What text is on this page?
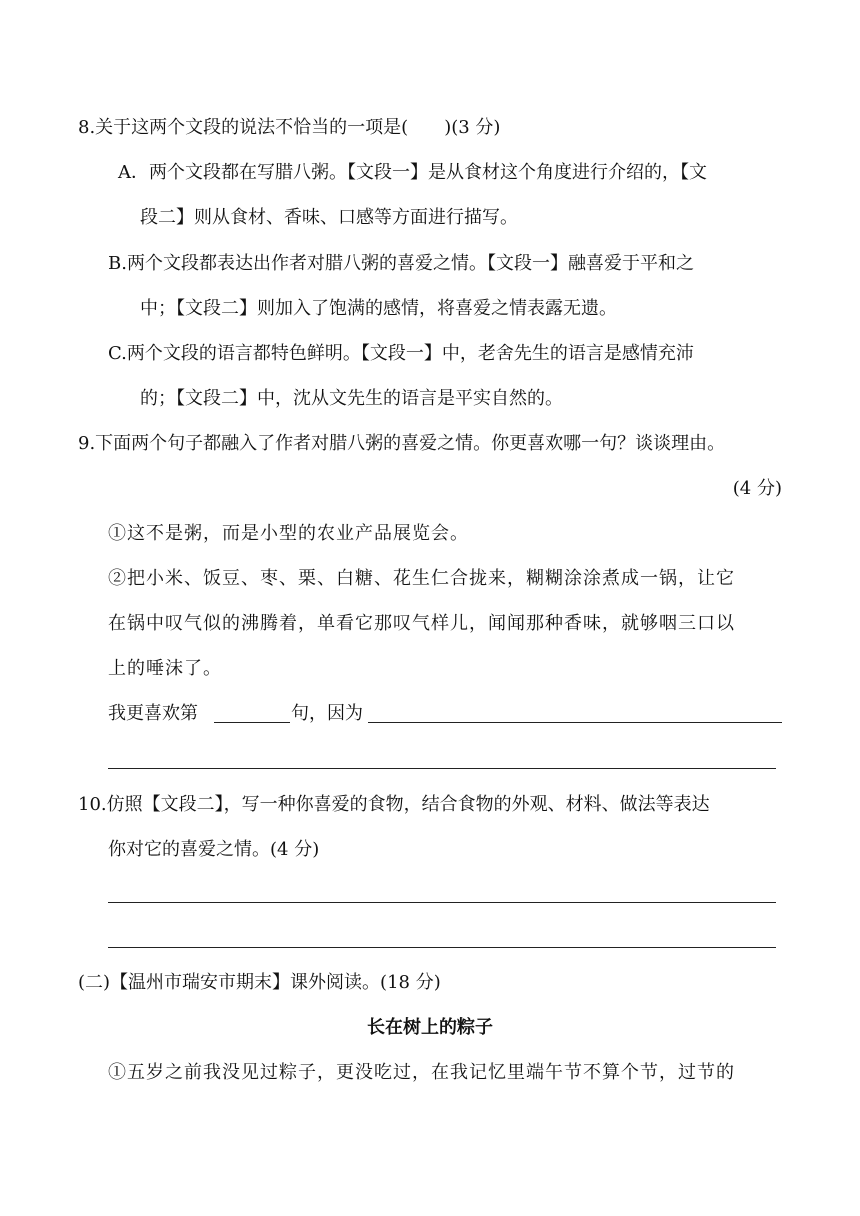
8.关于这两个文段的说法不恰当的一项是(　　)(3 分)
A．两个文段都在写腊八粥。【文段一】是从食材这个角度进行介绍的，【文
段二】则从食材、香味、口感等方面进行描写。
B.两个文段都表达出作者对腊八粥的喜爱之情。【文段一】融喜爱于平和之
中；【文段二】则加入了饱满的感情，将喜爱之情表露无遗。
C.两个文段的语言都特色鲜明。【文段一】中，老舍先生的语言是感情充沛
的；【文段二】中，沈从文先生的语言是平实自然的。
9.下面两个句子都融入了作者对腊八粥的喜爱之情。你更喜欢哪一句？谈谈理由。
(4 分)
①这不是粥，而是小型的农业产品展览会。
②把小米、饭豆、枣、栗、白糖、花生仁合拢来，糊糊涂涂煮成一锅，让它
在锅中叹气似的沸腾着，单看它那叹气样儿，闻闻那种香味，就够咽三口以
上的唾沫了。
我更喜欢第	句，因为
10.仿照【文段二】，写一种你喜爱的食物，结合食物的外观、材料、做法等表达
你对它的喜爱之情。(4 分)
(二)【温州市瑞安市期末】课外阅读。(18 分)
长在树上的粽子
①五岁之前我没见过粽子，更没吃过，在我记忆里端午节不算个节，过节的
